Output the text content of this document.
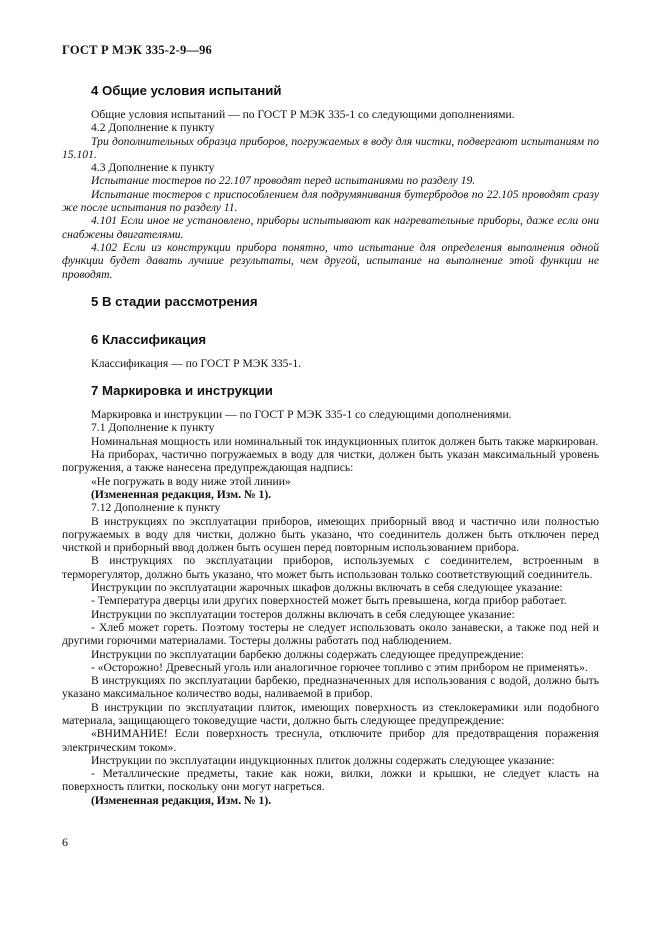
ГОСТ Р МЭК 335-2-9—96
4 Общие условия испытаний

Общие условия испытаний — по ГОСТ Р МЭК 335-1 со следующими дополнениями.

4.2 Дополнение к пункту

Три дополнительных образца приборов, погружаемых в воду для чистки, подвергают испытаниям по 15.101.

4.3 Дополнение к пункту

Испытание тостеров по 22.107 проводят перед испытаниями по разделу 19.

Испытание тостеров с приспособлением для подрумянивания бутербродов по 22.105 проводят сразу же после испытания по разделу 11.

4.101 Если иное не установлено, приборы испытывают как нагревательные приборы, даже если они снабжены двигателями.

4.102 Если из конструкции прибора понятно, что испытание для определения выполнения одной функции будет давать лучшие результаты, чем другой, испытание на выполнение этой функции не проводят.

5 В стадии рассмотрения
6 Классификация

Классификация — по ГОСТ Р МЭК 335-1.

7 Маркировка и инструкции

Маркировка и инструкции — по ГОСТ Р МЭК 335-1 со следующими дополнениями.

7.1 Дополнение к пункту

Номинальная мощность или номинальный ток индукционных плиток должен быть также маркирован.

На приборах, частично погружаемых в воду для чистки, должен быть указан максимальный уровень погружения, а также нанесена предупреждающая надпись:

«Не погружать в воду ниже этой линии»

(Измененная редакция, Изм. № 1).

7.12 Дополнение к пункту

В инструкциях по эксплуатации приборов, имеющих приборный ввод и частично или полностью погружаемых в воду для чистки, должно быть указано, что соединитель должен быть отключен перед чисткой и приборный ввод должен быть осушен перед повторным использованием прибора.

В инструкциях по эксплуатации приборов, используемых с соединителем, встроенным в терморегулятор, должно быть указано, что может быть использован только соответствующий соединитель.

Инструкции по эксплуатации жарочных шкафов должны включать в себя следующее указание:

- Температура дверцы или других поверхностей может быть превышена, когда прибор работает.

Инструкции по эксплуатации тостеров должны включать в себя следующее указание:

- Хлеб может гореть. Поэтому тостеры не следует использовать около занавески, а также под ней и другими горючими материалами. Тостеры должны работать под наблюдением.

Инструкции по эксплуатации барбекю должны содержать следующее предупреждение:

- «Осторожно! Древесный уголь или аналогичное горючее топливо с этим прибором не применять».

В инструкциях по эксплуатации барбекю, предназначенных для использования с водой, должно быть указано максимальное количество воды, наливаемой в прибор.

В инструкции по эксплуатации плиток, имеющих поверхность из стеклокерамики или подобного материала, защищающего токоведущие части, должно быть следующее предупреждение:

«ВНИМАНИЕ! Если поверхность треснула, отключите прибор для предотвращения поражения электрическим током».

Инструкции по эксплуатации индукционных плиток должны содержать следующее указание:

- Металлические предметы, такие как ножи, вилки, ложки и крышки, не следует класть на поверхность плитки, поскольку они могут нагреться.

(Измененная редакция, Изм. № 1).

6
